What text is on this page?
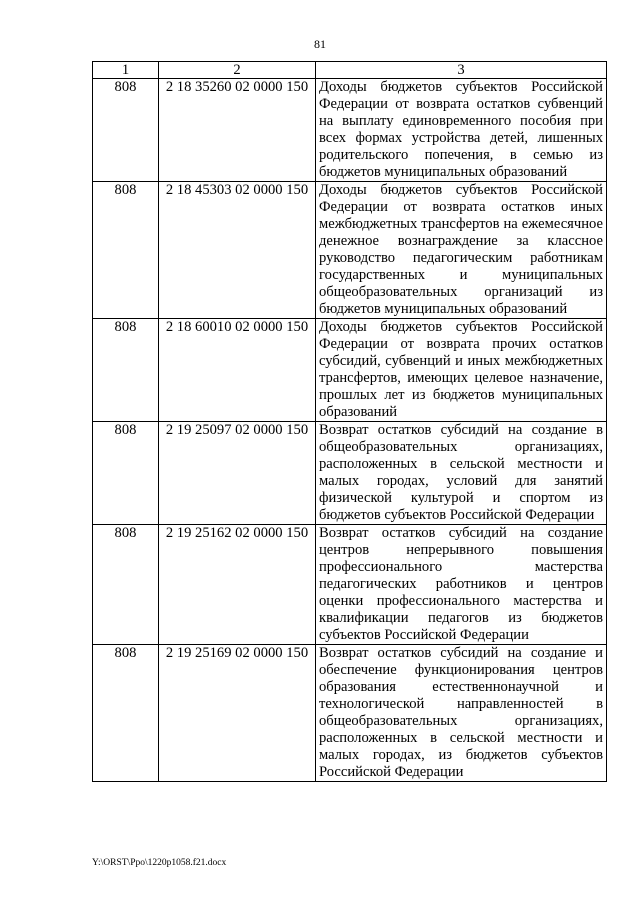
81
1	2	3
808	2 18 35260 02 0000 150	Доходы бюджетов субъектов Российской Федерации от возврата остатков субвенций на выплату единовременного пособия при всех формах устройства детей, лишенных родительского попечения, в семью из бюджетов муниципальных образований
808	2 18 45303 02 0000 150	Доходы бюджетов субъектов Российской Федерации от возврата остатков иных межбюджетных трансфертов на ежемесячное денежное вознаграждение за классное руководство педагогическим работникам государственных и муниципальных общеобразовательных организаций из бюджетов муниципальных образований
808	2 18 60010 02 0000 150	Доходы бюджетов субъектов Российской Федерации от возврата прочих остатков субсидий, субвенций и иных межбюджетных трансфертов, имеющих целевое назначение, прошлых лет из бюджетов муниципальных образований
808	2 19 25097 02 0000 150	Возврат остатков субсидий на создание в общеобразовательных организациях, расположенных в сельской местности и малых городах, условий для занятий физической культурой и спортом из бюджетов субъектов Российской Федерации
808	2 19 25162 02 0000 150	Возврат остатков субсидий на создание центров непрерывного повышения профессионального мастерства педагогических работников и центров оценки профессионального мастерства и квалификации педагогов из бюджетов субъектов Российской Федерации
808	2 19 25169 02 0000 150	Возврат остатков субсидий на создание и обеспечение функционирования центров образования естественнонаучной и технологической направленностей в общеобразовательных организациях, расположенных в сельской местности и малых городах, из бюджетов субъектов Российской Федерации
Y:\ORST\Ppo\1220p1058.f21.docx
